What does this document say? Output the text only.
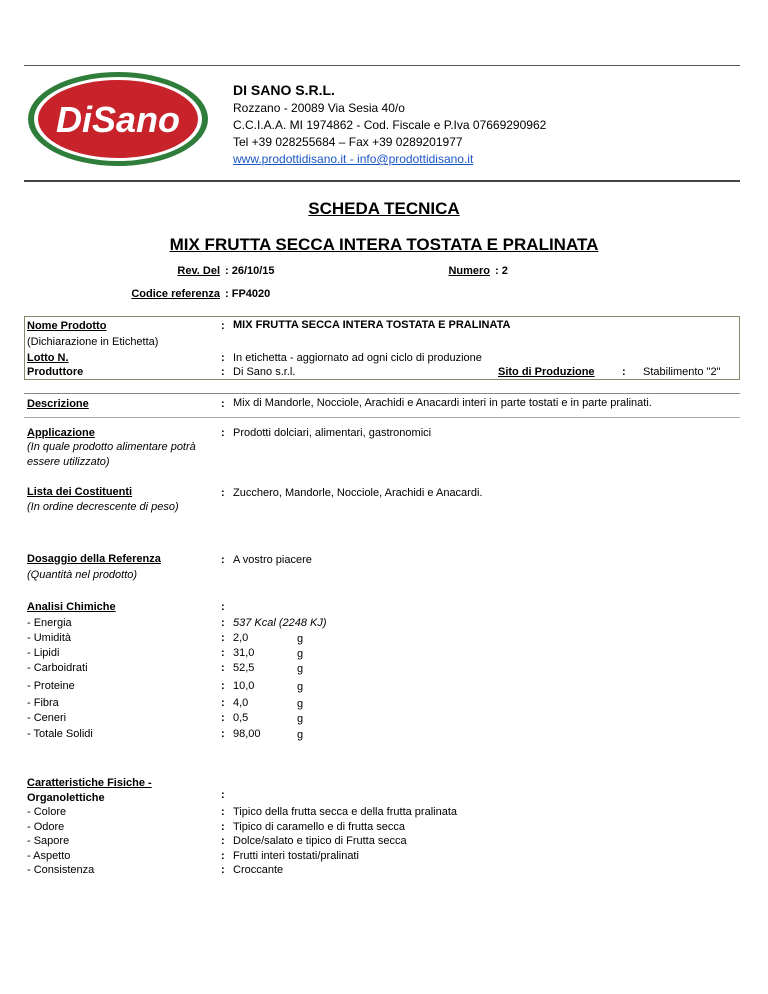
DiSano
DI SANO S.R.L.
Rozzano - 20089 Via Sesia 40/o
C.C.I.A.A. MI 1974862 - Cod. Fiscale e P.Iva 07669290962
Tel +39 028255684 – Fax +39 0289201977
www.prodottidisano.it - info@prodottidisano.it
SCHEDA TECNICA
MIX FRUTTA SECCA INTERA TOSTATA E PRALINATA
Rev. Del : 26/10/15	Numero : 2
Codice referenza : FP4020
Nome Prodotto
(Dichiarazione in Etichetta)
: MIX FRUTTA SECCA INTERA TOSTATA E PRALINATA
Lotto N.	: In etichetta - aggiornato ad ogni ciclo di produzione
Produttore	: Di Sano s.r.l.	Sito di Produzione : Stabilimento "2"
Descrizione	: Mix di Mandorle, Nocciole, Arachidi e Anacardi interi in parte tostati e in parte pralinati.
Applicazione
(In quale prodotto alimentare potrà
essere utilizzato)
: Prodotti dolciari, alimentari, gastronomici
Lista dei Costituenti
(In ordine decrescente di peso)
: Zucchero, Mandorle, Nocciole, Arachidi e Anacardi.
Dosaggio della Referenza
(Quantità nel prodotto)
: A vostro piacere
Analisi Chimiche	:
- Energia	: 537 Kcal (2248 KJ)
- Umidità	: 2,0	g
- Lipidi	: 31,0	g
- Carboidrati	: 52,5	g
- Proteine	: 10,0	g
- Fibra	: 4,0	g
- Ceneri	: 0,5	g
- Totale Solidi	: 98,00	g
Caratteristiche Fisiche -
Organolettiche	:
- Colore	: Tipico della frutta secca e della frutta pralinata
- Odore	: Tipico di caramello e di frutta secca
- Sapore	: Dolce/salato e tipico di Frutta secca
- Aspetto	: Frutti interi tostati/pralinati
- Consistenza	: Croccante
